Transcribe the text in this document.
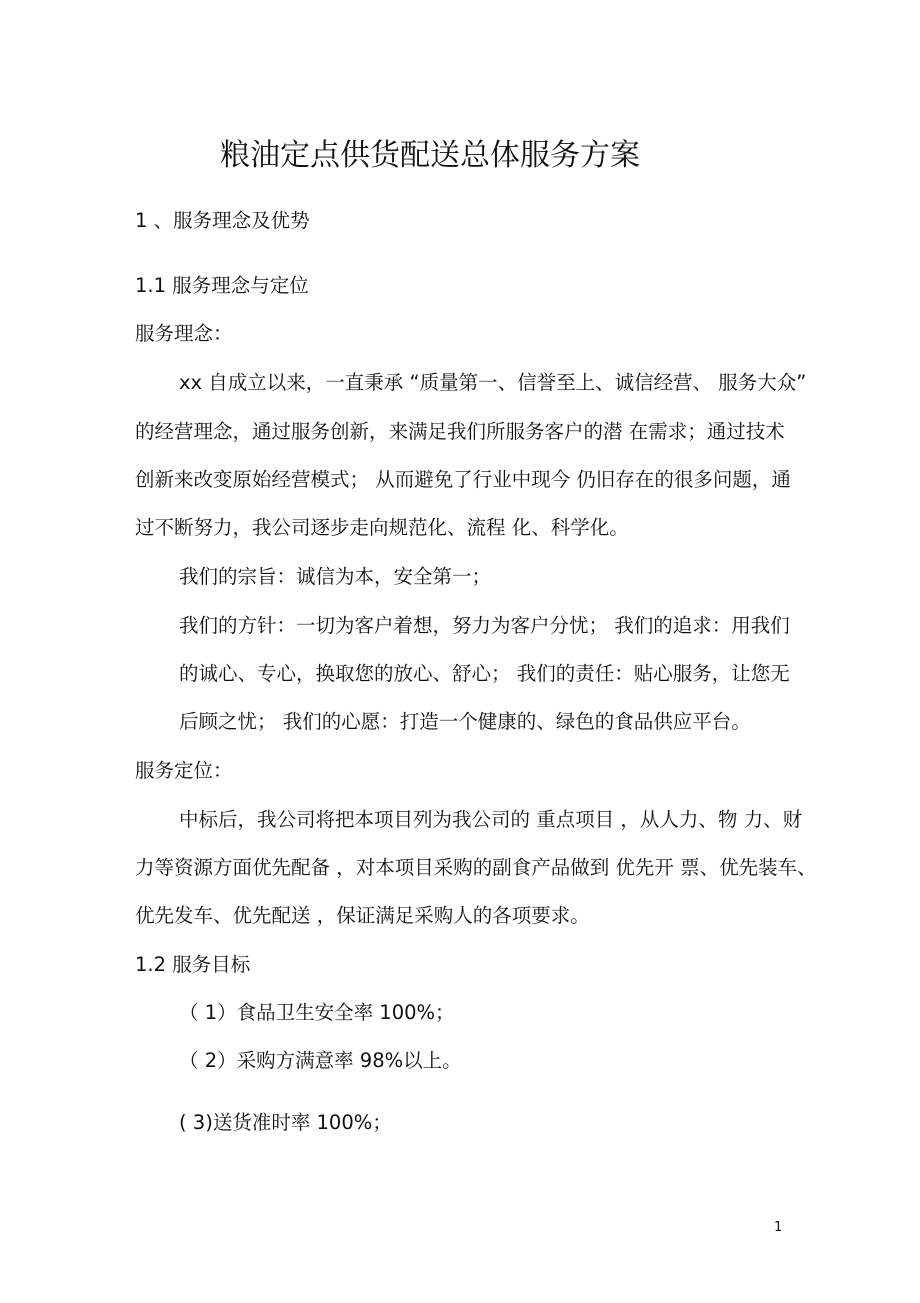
粮油定点供货配送总体服务方案
1 、服务理念及优势
1.1 服务理念与定位
服务理念：
xx 自成立以来，一直秉承 “质量第一、信誉至上、诚信经营、 服务大众”
的经营理念，通过服务创新，来满足我们所服务客户的潜 在需求；通过技术
创新来改变原始经营模式； 从而避免了行业中现今 仍旧存在的很多问题，通
过不断努力，我公司逐步走向规范化、流程 化、科学化。
我们的宗旨：诚信为本，安全第一；
我们的方针：一切为客户着想，努力为客户分忧； 我们的追求：用我们
的诚心、专心，换取您的放心、舒心； 我们的责任：贴心服务，让您无
后顾之忧； 我们的心愿：打造一个健康的、绿色的食品供应平台。
服务定位：
中标后，我公司将把本项目列为我公司的 重点项目 ，从人力、物 力、财
力等资源方面优先配备 ，对本项目采购的副食产品做到 优先开 票、优先装车、
优先发车、优先配送 ，保证满足采购人的各项要求。
1.2 服务目标
（ 1）食品卫生安全率 100%；
（ 2）采购方满意率 98%以上。
( 3)送货准时率 100%；
1
